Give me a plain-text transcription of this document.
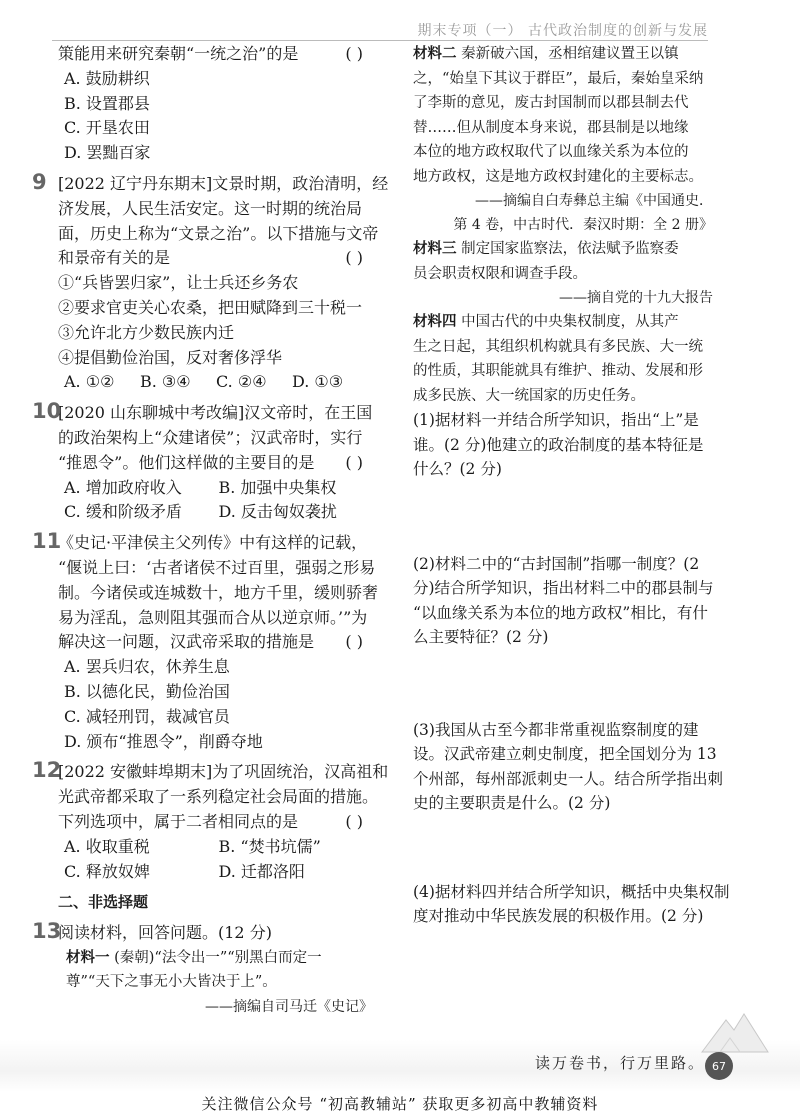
期末专项（一） 古代政治制度的创新与发展
策能用来研究秦朝“一统之治”的是	( )
A. 鼓励耕织
B. 设置郡县
C. 开垦农田
D. 罢黜百家
9 [2022 辽宁丹东期末]文景时期，政治清明，经
济发展，人民生活安定。这一时期的统治局
面，历史上称为“文景之治”。以下措施与文帝
和景帝有关的是	( )
①“兵皆罢归家”，让士兵还乡务农
②要求官吏关心农桑，把田赋降到三十税一
③允许北方少数民族内迁
④提倡勤俭治国，反对奢侈浮华
A. ①②	B. ③④	C. ②④	D. ①③
10
[2020 山东聊城中考改编]汉文帝时，在王国
的政治架构上“众建诸侯”；汉武帝时，实行
“推恩令”。他们这样做的主要目的是 ( )
A. 增加政府收入	B. 加强中央集权
C. 缓和阶级矛盾	D. 反击匈奴袭扰
11
《史记·平津侯主父列传》中有这样的记载，
“偃说上曰：‘古者诸侯不过百里，强弱之形易
制。今诸侯或连城数十，地方千里，缓则骄奢
易为淫乱，急则阻其强而合从以逆京师。’”为
解决这一问题，汉武帝采取的措施是 ( )
A. 罢兵归农，休养生息
B. 以德化民，勤俭治国
C. 减轻刑罚，裁减官员
D. 颁布“推恩令”，削爵夺地
12
[2022 安徽蚌埠期末]为了巩固统治，汉高祖和
光武帝都采取了一系列稳定社会局面的措施。
下列选项中，属于二者相同点的是	( )
A. 收取重税	B. “焚书坑儒”
C. 释放奴婢	D. 迁都洛阳
二、非选择题
13
阅读材料，回答问题。(12 分)
材料一 (秦朝)“法令出一”“别黑白而定一
尊”“天下之事无小大皆决于上”。
——摘编自司马迁《史记》
材料二 秦新破六国，丞相绾建议置王以镇
之，“始皇下其议于群臣”，最后，秦始皇采纳
了李斯的意见，废古封国制而以郡县制去代
替……但从制度本身来说，郡县制是以地缘
本位的地方政权取代了以血缘关系为本位的
地方政权，这是地方政权封建化的主要标志。
——摘编自白寿彝总主编《中国通史．
第 4 卷，中古时代．秦汉时期：全 2 册》
材料三 制定国家监察法，依法赋予监察委
员会职责权限和调查手段。
——摘自党的十九大报告
材料四 中国古代的中央集权制度，从其产
生之日起，其组织机构就具有多民族、大一统
的性质，其职能就具有维护、推动、发展和形
成多民族、大一统国家的历史任务。
(1)据材料一并结合所学知识，指出“上”是
谁。(2 分)他建立的政治制度的基本特征是
什么？(2 分)
(2)材料二中的“古封国制”指哪一制度？(2
分)结合所学知识，指出材料二中的郡县制与
“以血缘关系为本位的地方政权”相比，有什
么主要特征？(2 分)
(3)我国从古至今都非常重视监察制度的建
设。汉武帝建立刺史制度，把全国划分为 13
个州部，每州部派刺史一人。结合所学指出刺
史的主要职责是什么。(2 分)
(4)据材料四并结合所学知识，概括中央集权制
度对推动中华民族发展的积极作用。(2 分)
读万卷书，行万里路。 67
关注微信公众号 “初高教辅站” 获取更多初高中教辅资料
